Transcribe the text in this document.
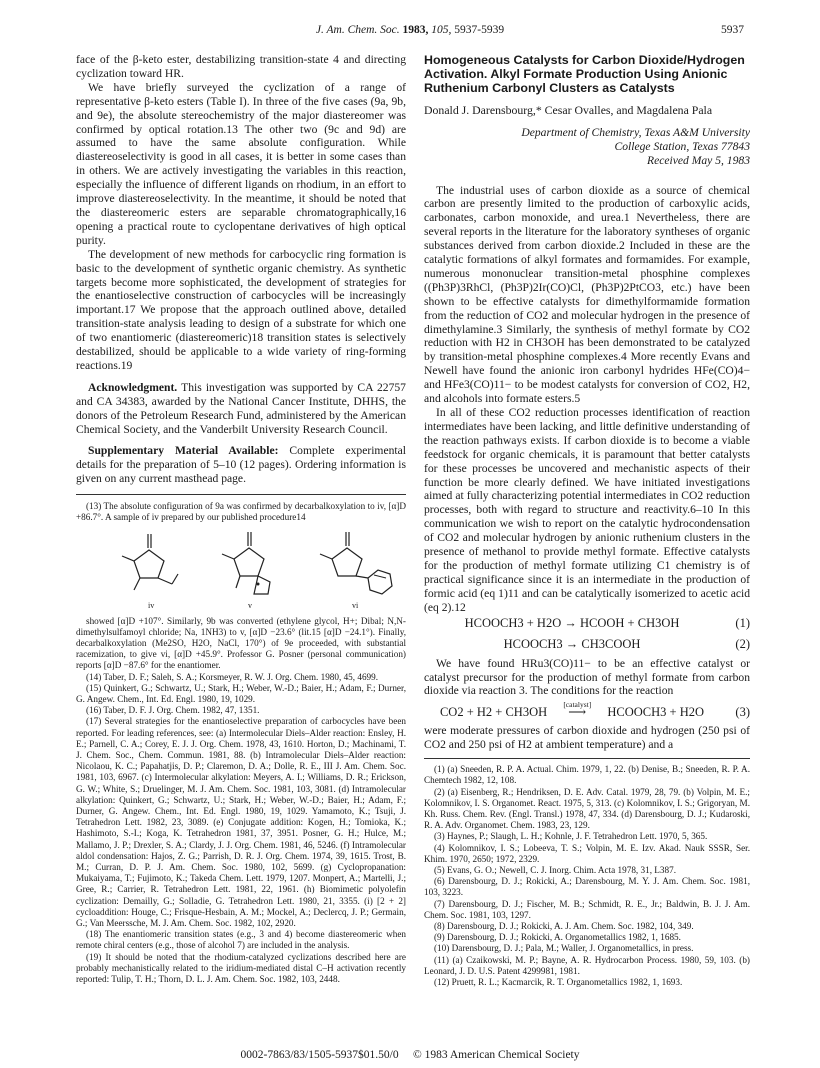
J. Am. Chem. Soc. 1983, 105, 5937-5939	5937

face of the β-keto ester, destabilizing transition-state 4 and directing cyclization toward HR.

We have briefly surveyed the cyclization of a range of representative β-keto esters (Table I). In three of the five cases (9a, 9b, and 9e), the absolute stereochemistry of the major diastereomer was confirmed by optical rotation.13 The other two (9c and 9d) are assumed to have the same absolute configuration. While diastereoselectivity is good in all cases, it is better in some cases than in others. We are actively investigating the variables in this reaction, especially the influence of different ligands on rhodium, in an effort to improve diastereoselectivity. In the meantime, it should be noted that the diastereomeric esters are separable chromatographically,16 opening a practical route to cyclopentane derivatives of high optical purity.

The development of new methods for carbocyclic ring formation is basic to the development of synthetic organic chemistry. As synthetic targets become more sophisticated, the development of strategies for the enantioselective construction of carbocycles will be increasingly important.17 We propose that the approach outlined above, detailed transition-state analysis leading to design of a substrate for which one of two enantiomeric (diastereomeric)18 transition states is selectively destabilized, should be applicable to a wide variety of ring-forming reactions.19

Acknowledgment. This investigation was supported by CA 22757 and CA 34383, awarded by the National Cancer Institute, DHHS, the donors of the Petroleum Research Fund, administered by the American Chemical Society, and the Vanderbilt University Research Council.

Supplementary Material Available: Complete experimental details for the preparation of 5–10 (12 pages). Ordering information is given on any current masthead page.

(13) The absolute configuration of 9a was confirmed by decarbalkoxylation to iv, [α]D +86.7°. A sample of iv prepared by our published procedure14

iv	v	vi

showed [α]D +107°. Similarly, 9b was converted (ethylene glycol, H+; Dibal; N,N-dimethylsulfamoyl chloride; Na, 1NH3) to v, [α]D −23.6° (lit.15 [α]D −24.1°). Finally, decarbalkoxylation (Me2SO, H2O, NaCl, 170°) of 9e proceeded, with substantial racemization, to give vi, [α]D +45.9°. Professor G. Posner (personal communication) reports [α]D −87.6° for the enantiomer.

(14) Taber, D. F.; Saleh, S. A.; Korsmeyer, R. W. J. Org. Chem. 1980, 45, 4699.

(15) Quinkert, G.; Schwartz, U.; Stark, H.; Weber, W.-D.; Baier, H.; Adam, F.; Durner, G. Angew. Chem., Int. Ed. Engl. 1980, 19, 1029.

(16) Taber, D. F. J. Org. Chem. 1982, 47, 1351.

(17) Several strategies for the enantioselective preparation of carbocycles have been reported. For leading references, see: (a) Intermolecular Diels–Alder reaction: Ensley, H. E.; Parnell, C. A.; Corey, E. J. J. Org. Chem. 1978, 43, 1610. Horton, D.; Machinami, T. J. Chem. Soc., Chem. Commun. 1981, 88. (b) Intramolecular Diels–Alder reaction: Nicolaou, K. C.; Papahatjis, D. P.; Claremon, D. A.; Dolle, R. E., III J. Am. Chem. Soc. 1981, 103, 6967. (c) Intermolecular alkylation: Meyers, A. I.; Williams, D. R.; Erickson, G. W.; White, S.; Druelinger, M. J. Am. Chem. Soc. 1981, 103, 3081. (d) Intramolecular alkylation: Quinkert, G.; Schwartz, U.; Stark, H.; Weber, W.-D.; Baier, H.; Adam, F.; Durner, G. Angew. Chem., Int. Ed. Engl. 1980, 19, 1029. Yamamoto, K.; Tsuji, J. Tetrahedron Lett. 1982, 23, 3089. (e) Conjugate addition: Kogen, H.; Tomioka, K.; Hashimoto, S.-I.; Koga, K. Tetrahedron 1981, 37, 3951. Posner, G. H.; Hulce, M.; Mallamo, J. P.; Drexler, S. A.; Clardy, J. J. Org. Chem. 1981, 46, 5246. (f) Intramolecular aldol condensation: Hajos, Z. G.; Parrish, D. R. J. Org. Chem. 1974, 39, 1615. Trost, B. M.; Curran, D. P. J. Am. Chem. Soc. 1980, 102, 5699. (g) Cyclopropanation: Mukaiyama, T.; Fujimoto, K.; Takeda Chem. Lett. 1979, 1207. Monpert, A.; Martelli, J.; Gree, R.; Carrier, R. Tetrahedron Lett. 1981, 22, 1961. (h) Biomimetic polyolefin cyclization: Demailly, G.; Solladie, G. Tetrahedron Lett. 1980, 21, 3355. (i) [2 + 2] cycloaddition: Hougе, C.; Frisque-Hesbain, A. M.; Mockel, A.; Declercq, J. P.; Germain, G.; Van Meerssche, M. J. Am. Chem. Soc. 1982, 102, 2920.

(18) The enantiomeric transition states (e.g., 3 and 4) become diastereomeric when remote chiral centers (e.g., those of alcohol 7) are included in the analysis.

(19) It should be noted that the rhodium-catalyzed cyclizations described here are probably mechanistically related to the iridium-mediated distal C–H activation recently reported: Tulip, T. H.; Thorn, D. L. J. Am. Chem. Soc. 1982, 103, 2448.

Homogeneous Catalysts for Carbon Dioxide/Hydrogen Activation. Alkyl Formate Production Using Anionic Ruthenium Carbonyl Clusters as Catalysts
Donald J. Darensbourg,* Cesar Ovalles, and Magdalena Pala
Department of Chemistry, Texas A&M University
College Station, Texas 77843
Received May 5, 1983

The industrial uses of carbon dioxide as a source of chemical carbon are presently limited to the production of carboxylic acids, carbonates, carbon monoxide, and urea.1 Nevertheless, there are several reports in the literature for the laboratory syntheses of organic substances derived from carbon dioxide.2 Included in these are the catalytic formations of alkyl formates and formamides. For example, numerous mononuclear transition-metal phosphine complexes ((Ph3P)3RhCl, (Ph3P)2Ir(CO)Cl, (Ph3P)2PtCO3, etc.) have been shown to be effective catalysts for dimethylformamide formation from the reduction of CO2 and molecular hydrogen in the presence of dimethylamine.3 Similarly, the synthesis of methyl formate by CO2 reduction with H2 in CH3OH has been demonstrated to be catalyzed by transition-metal phosphine complexes.4 More recently Evans and Newell have found the anionic iron carbonyl hydrides HFe(CO)4− and HFe3(CO)11− to be modest catalysts for conversion of CO2, H2, and alcohols into formate esters.5

In all of these CO2 reduction processes identification of reaction intermediates have been lacking, and little definitive understanding of the reaction pathways exists. If carbon dioxide is to become a viable feedstock for organic chemicals, it is paramount that better catalysts for these processes be uncovered and mechanistic aspects of their function be more clearly defined. We have initiated investigations aimed at fully characterizing potential intermediates in CO2 reduction processes, both with regard to structure and reactivity.6–10 In this communication we wish to report on the catalytic hydrocondensation of CO2 and molecular hydrogen by anionic ruthenium clusters in the presence of methanol to provide methyl formate. Effective catalysts for the production of methyl formate utilizing C1 chemistry is of practical significance since it is an intermediate in the production of formic acid (eq 1)11 and can be catalytically isomerized to acetic acid (eq 2).12

HCOOCH3 + H2O → HCOOH + CH3OH	(1)
HCOOCH3 → CH3COOH	(2)

We have found HRu3(CO)11− to be an effective catalyst or catalyst precursor for the production of methyl formate from carbon dioxide via reaction 3. The conditions for the reaction

CO2 + H2 + CH3OH
[catalyst]
⟶ HCOOCH3 + H2O	(3)

were moderate pressures of carbon dioxide and hydrogen (250 psi of CO2 and 250 psi of H2 at ambient temperature) and a

(1) (a) Sneeden, R. P. A. Actual. Chim. 1979, 1, 22. (b) Denise, B.; Sneeden, R. P. A. Chemtech 1982, 12, 108.

(2) (a) Eisenberg, R.; Hendriksen, D. E. Adv. Catal. 1979, 28, 79. (b) Volpin, M. E.; Kolomnikov, I. S. Organomet. React. 1975, 5, 313. (c) Kolomnikov, I. S.; Grigoryan, M. Kh. Russ. Chem. Rev. (Engl. Transl.) 1978, 47, 334. (d) Darensbourg, D. J.; Kudaroski, R. A. Adv. Organomet. Chem. 1983, 23, 129.

(3) Haynes, P.; Slaugh, L. H.; Kohnle, J. F. Tetrahedron Lett. 1970, 5, 365.

(4) Kolomnikov, I. S.; Lobeeva, T. S.; Volpin, M. E. Izv. Akad. Nauk SSSR, Ser. Khim. 1970, 2650; 1972, 2329.

(5) Evans, G. O.; Newell, C. J. Inorg. Chim. Acta 1978, 31, L387.

(6) Darensbourg, D. J.; Rokicki, A.; Darensbourg, M. Y. J. Am. Chem. Soc. 1981, 103, 3223.

(7) Darensbourg, D. J.; Fischer, M. B.; Schmidt, R. E., Jr.; Baldwin, B. J. J. Am. Chem. Soc. 1981, 103, 1297.

(8) Darensbourg, D. J.; Rokicki, A. J. Am. Chem. Soc. 1982, 104, 349.

(9) Darensbourg, D. J.; Rokicki, A. Organometallics 1982, 1, 1685.

(10) Darensbourg, D. J.; Pala, M.; Waller, J. Organometallics, in press.

(11) (a) Czaikowski, M. P.; Bayne, A. R. Hydrocarbon Process. 1980, 59, 103. (b) Leonard, J. D. U.S. Patent 4299981, 1981.

(12) Pruett, R. L.; Kacmarcik, R. T. Organometallics 1982, 1, 1693.

0002-7863/83/1505-5937$01.50/0 © 1983 American Chemical Society
